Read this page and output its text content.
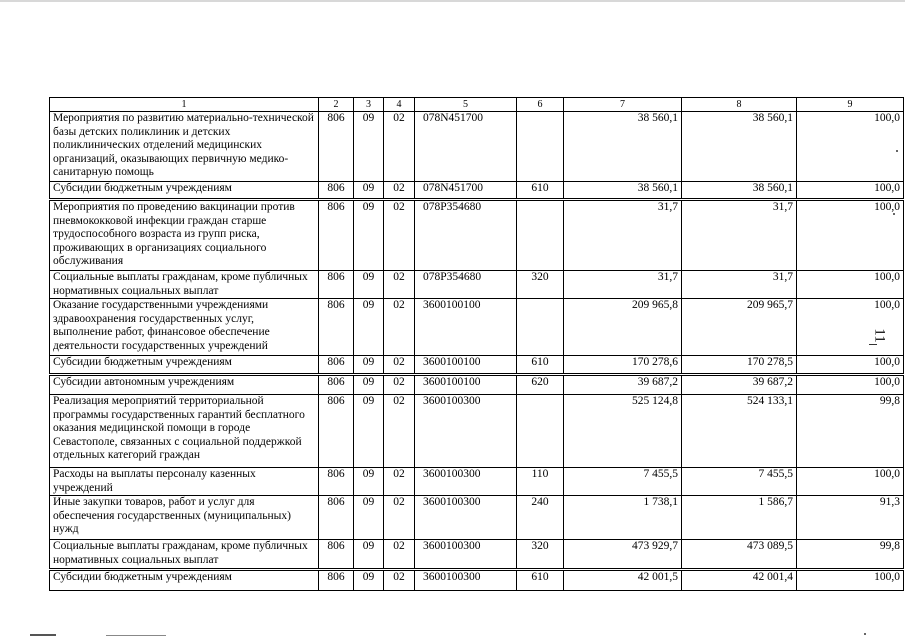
1	2	3	4	5	6	7	8	9
Мероприятия по развитию материально-технической базы детских поликлиник и детских поликлинических отделений медицинских организаций, оказывающих первичную медико-санитарную помощь	806	09	02	078N451700		38 560,1	38 560,1	100,0
Субсидии бюджетным учреждениям	806	09	02	078N451700	610	38 560,1	38 560,1	100,0
Мероприятия по проведению вакцинации против пневмококковой инфекции граждан старше трудоспособного возраста из групп риска, проживающих в организациях социального обслуживания	806	09	02	078P354680		31,7	31,7	100,0
Социальные выплаты гражданам, кроме публичных нормативных социальных выплат	806	09	02	078P354680	320	31,7	31,7	100,0
Оказание государственными учреждениями здравоохранения государственных услуг, выполнение работ, финансовое обеспечение деятельности государственных учреждений	806	09	02	3600100100		209 965,8	209 965,7	100,0
Субсидии бюджетным учреждениям	806	09	02	3600100100	610	170 278,6	170 278,5	100,0
Субсидии автономным учреждениям	806	09	02	3600100100	620	39 687,2	39 687,2	100,0
Реализация мероприятий территориальной программы государственных гарантий бесплатного оказания медицинской помощи в городе Севастополе, связанных с социальной поддержкой отдельных категорий граждан	806	09	02	3600100300		525 124,8	524 133,1	99,8
Расходы на выплаты персоналу казенных учреждений	806	09	02	3600100300	110	7 455,5	7 455,5	100,0
Иные закупки товаров, работ и услуг для обеспечения государственных (муниципальных) нужд	806	09	02	3600100300	240	1 738,1	1 586,7	91,3
Социальные выплаты гражданам, кроме публичных нормативных социальных выплат	806	09	02	3600100300	320	473 929,7	473 089,5	99,8
Субсидии бюджетным учреждениям	806	09	02	3600100300	610	42 001,5	42 001,4	100,0
11
